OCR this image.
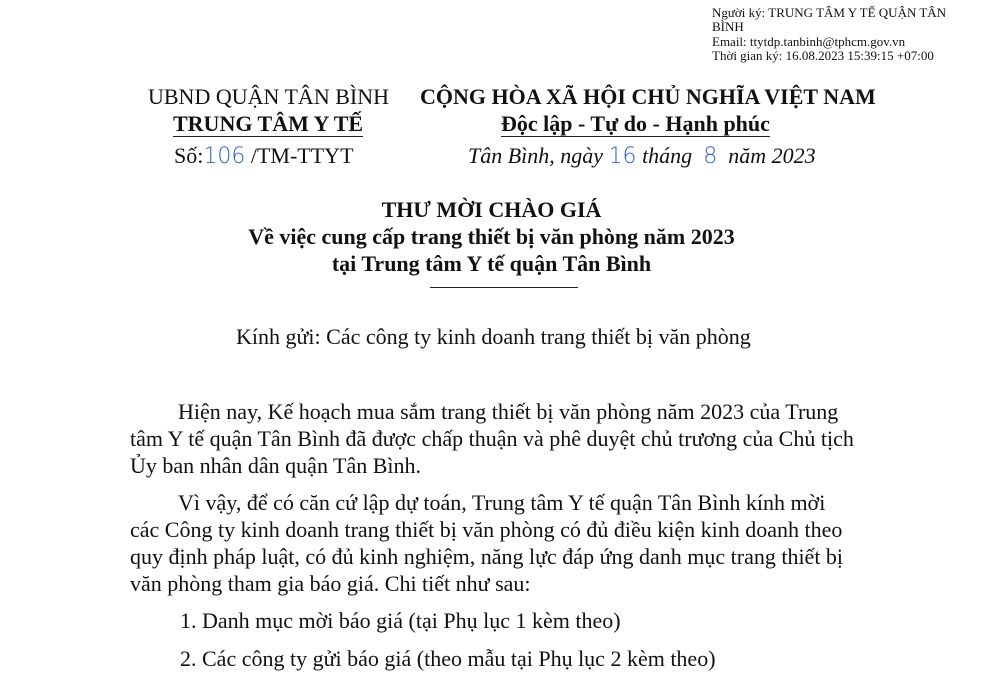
Người ký: TRUNG TÂM Y TẾ QUẬN TÂN BÌNH
Email: ttytdp.tanbinh@tphcm.gov.vn
Thời gian ký: 16.08.2023 15:39:15 +07:00
UBND QUẬN TÂN BÌNH
TRUNG TÂM Y TẾ
Số:106 /TM-TTYT
CỘNG HÒA XÃ HỘI CHỦ NGHĨA VIỆT NAM
Độc lập - Tự do - Hạnh phúc
Tân Bình, ngày 16 tháng 8 năm 2023
THƯ MỜI CHÀO GIÁ
Về việc cung cấp trang thiết bị văn phòng năm 2023
tại Trung tâm Y tế quận Tân Bình
Kính gửi: Các công ty kinh doanh trang thiết bị văn phòng
Hiện nay, Kế hoạch mua sắm trang thiết bị văn phòng năm 2023 của Trung
tâm Y tế quận Tân Bình đã được chấp thuận và phê duyệt chủ trương của Chủ tịch
Ủy ban nhân dân quận Tân Bình.
Vì vậy, để có căn cứ lập dự toán, Trung tâm Y tế quận Tân Bình kính mời
các Công ty kinh doanh trang thiết bị văn phòng có đủ điều kiện kinh doanh theo
quy định pháp luật, có đủ kinh nghiệm, năng lực đáp ứng danh mục trang thiết bị
văn phòng tham gia báo giá. Chi tiết như sau:
1. Danh mục mời báo giá (tại Phụ lục 1 kèm theo)
2. Các công ty gửi báo giá (theo mẫu tại Phụ lục 2 kèm theo)
